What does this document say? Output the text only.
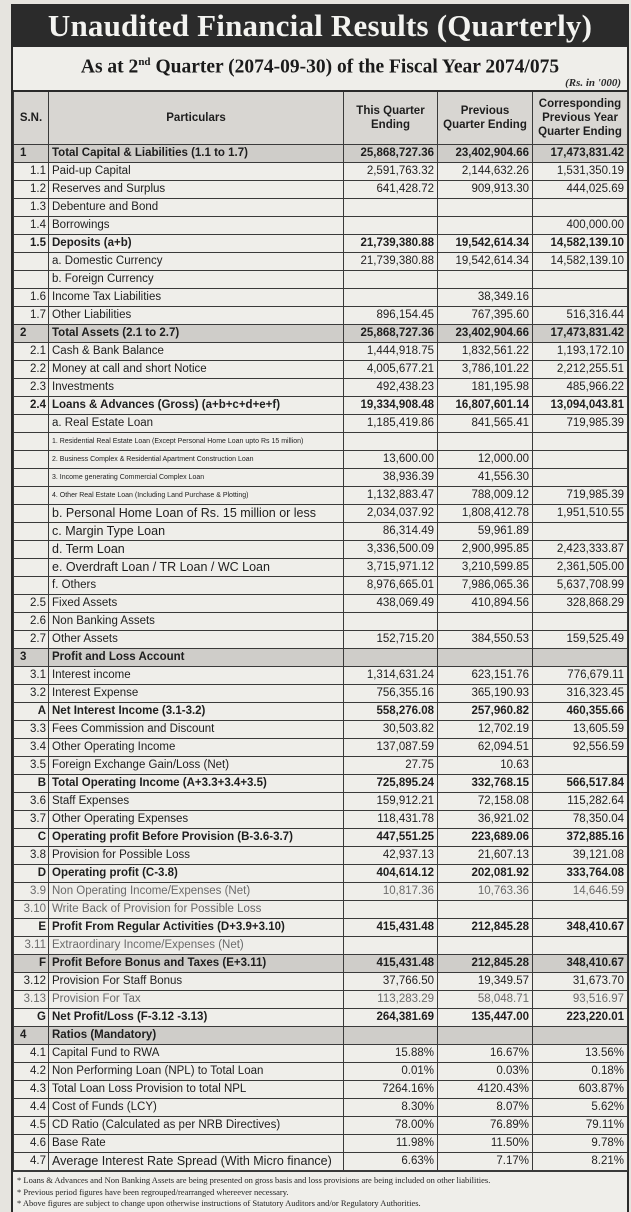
Unaudited Financial Results (Quarterly)
As at 2nd Quarter (2074-09-30) of the Fiscal Year 2074/075
(Rs. in '000)
S.N.	Particulars	This Quarter Ending	Previous Quarter Ending	Corresponding Previous Year Quarter Ending
1	Total Capital & Liabilities (1.1 to 1.7)	25,868,727.36	23,402,904.66	17,473,831.42
1.1	Paid-up Capital	2,591,763.32	2,144,632.26	1,531,350.19
1.2	Reserves and Surplus	641,428.72	909,913.30	444,025.69
1.3	Debenture and Bond			
1.4	Borrowings			400,000.00
1.5	Deposits (a+b)	21,739,380.88	19,542,614.34	14,582,139.10
	a. Domestic Currency	21,739,380.88	19,542,614.34	14,582,139.10
	b. Foreign Currency			
1.6	Income Tax Liabilities		38,349.16	
1.7	Other Liabilities	896,154.45	767,395.60	516,316.44
2	Total Assets (2.1 to 2.7)	25,868,727.36	23,402,904.66	17,473,831.42
2.1	Cash & Bank Balance	1,444,918.75	1,832,561.22	1,193,172.10
2.2	Money at call and short Notice	4,005,677.21	3,786,101.22	2,212,255.51
2.3	Investments	492,438.23	181,195.98	485,966.22
2.4	Loans & Advances (Gross) (a+b+c+d+e+f)	19,334,908.48	16,807,601.14	13,094,043.81
	a. Real Estate Loan	1,185,419.86	841,565.41	719,985.39
	1. Residential Real Estate Loan (Except Personal Home Loan upto Rs 15 million)			
	2. Business Complex & Residential Apartment Construction Loan	13,600.00	12,000.00	
	3. Income generating Commercial Complex Loan	38,936.39	41,556.30	
	4. Other Real Estate Loan (Including Land Purchase & Plotting)	1,132,883.47	788,009.12	719,985.39
	b. Personal Home Loan of Rs. 15 million or less	2,034,037.92	1,808,412.78	1,951,510.55
	c. Margin Type Loan	86,314.49	59,961.89	
	d. Term Loan	3,336,500.09	2,900,995.85	2,423,333.87
	e. Overdraft Loan / TR Loan / WC Loan	3,715,971.12	3,210,599.85	2,361,505.00
	f. Others	8,976,665.01	7,986,065.36	5,637,708.99
2.5	Fixed Assets	438,069.49	410,894.56	328,868.29
2.6	Non Banking Assets			
2.7	Other Assets	152,715.20	384,550.53	159,525.49
3	Profit and Loss Account			
3.1	Interest income	1,314,631.24	623,151.76	776,679.11
3.2	Interest Expense	756,355.16	365,190.93	316,323.45
A	Net Interest Income (3.1-3.2)	558,276.08	257,960.82	460,355.66
3.3	Fees Commission and Discount	30,503.82	12,702.19	13,605.59
3.4	Other Operating Income	137,087.59	62,094.51	92,556.59
3.5	Foreign Exchange Gain/Loss (Net)	27.75	10.63	
B	Total Operating Income (A+3.3+3.4+3.5)	725,895.24	332,768.15	566,517.84
3.6	Staff Expenses	159,912.21	72,158.08	115,282.64
3.7	Other Operating Expenses	118,431.78	36,921.02	78,350.04
C	Operating profit Before Provision (B-3.6-3.7)	447,551.25	223,689.06	372,885.16
3.8	Provision for Possible Loss	42,937.13	21,607.13	39,121.08
D	Operating profit (C-3.8)	404,614.12	202,081.92	333,764.08
3.9	Non Operating Income/Expenses (Net)	10,817.36	10,763.36	14,646.59
3.10	Write Back of Provision for Possible Loss			
E	Profit From Regular Activities (D+3.9+3.10)	415,431.48	212,845.28	348,410.67
3.11	Extraordinary Income/Expenses (Net)			
F	Profit Before Bonus and Taxes (E+3.11)	415,431.48	212,845.28	348,410.67
3.12	Provision For Staff Bonus	37,766.50	19,349.57	31,673.70
3.13	Provision For Tax	113,283.29	58,048.71	93,516.97
G	Net Profit/Loss (F-3.12 -3.13)	264,381.69	135,447.00	223,220.01
4	Ratios (Mandatory)			
4.1	Capital Fund to RWA	15.88%	16.67%	13.56%
4.2	Non Performing Loan (NPL) to Total Loan	0.01%	0.03%	0.18%
4.3	Total Loan Loss Provision to total NPL	7264.16%	4120.43%	603.87%
4.4	Cost of Funds (LCY)	8.30%	8.07%	5.62%
4.5	CD Ratio (Calculated as per NRB Directives)	78.00%	76.89%	79.11%
4.6	Base Rate	11.98%	11.50%	9.78%
4.7	Average Interest Rate Spread (With Micro finance)	6.63%	7.17%	8.21%
* Loans & Advances and Non Banking Assets are being presented on gross basis and loss provisions are being included on other liabilities.
* Previous period figures have been regrouped/rearranged whereever necessary.
* Above figures are subject to change upon otherwise instructions of Statutory Auditors and/or Regulatory Authorities.
